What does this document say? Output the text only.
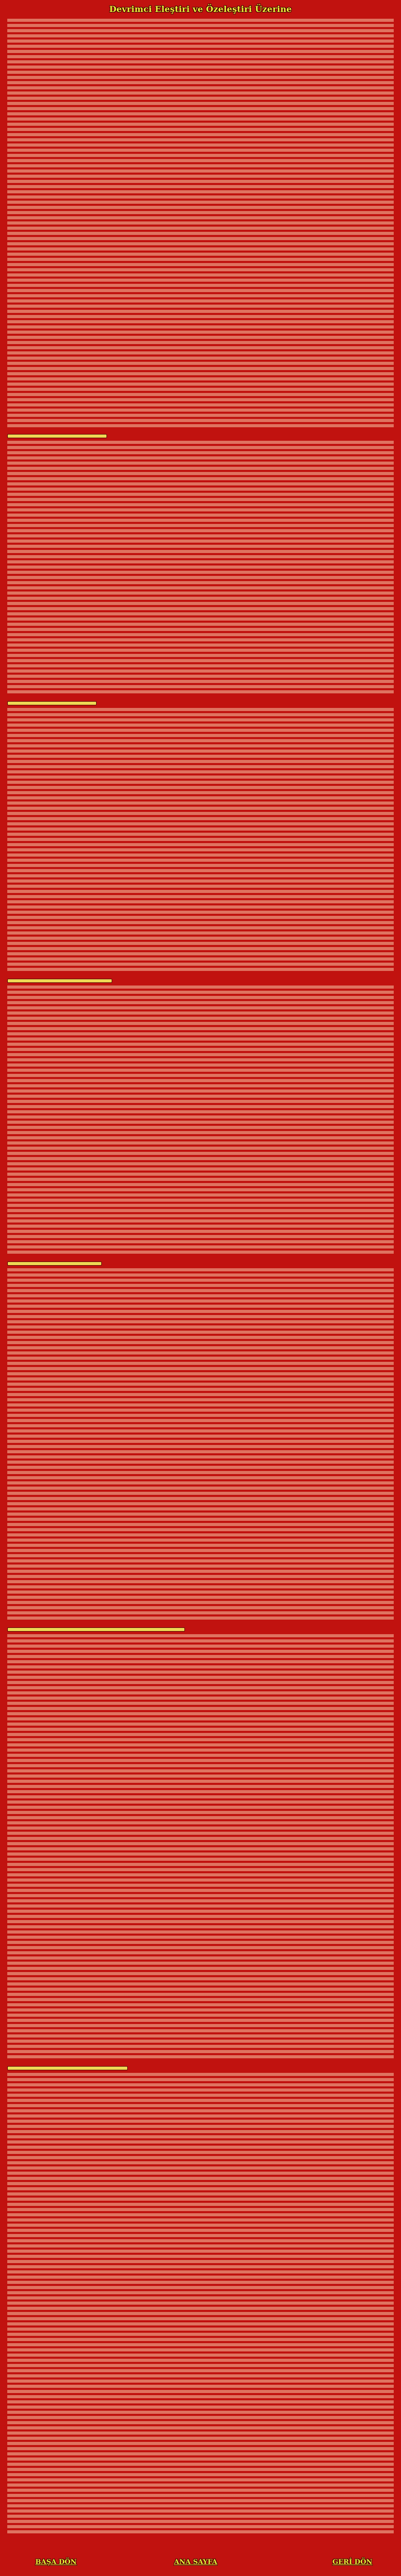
Devrimci Eleştiri ve Özeleştiri Üzerine
BAŞA DÖN	ANA SAYFA	GERİ DÖN
